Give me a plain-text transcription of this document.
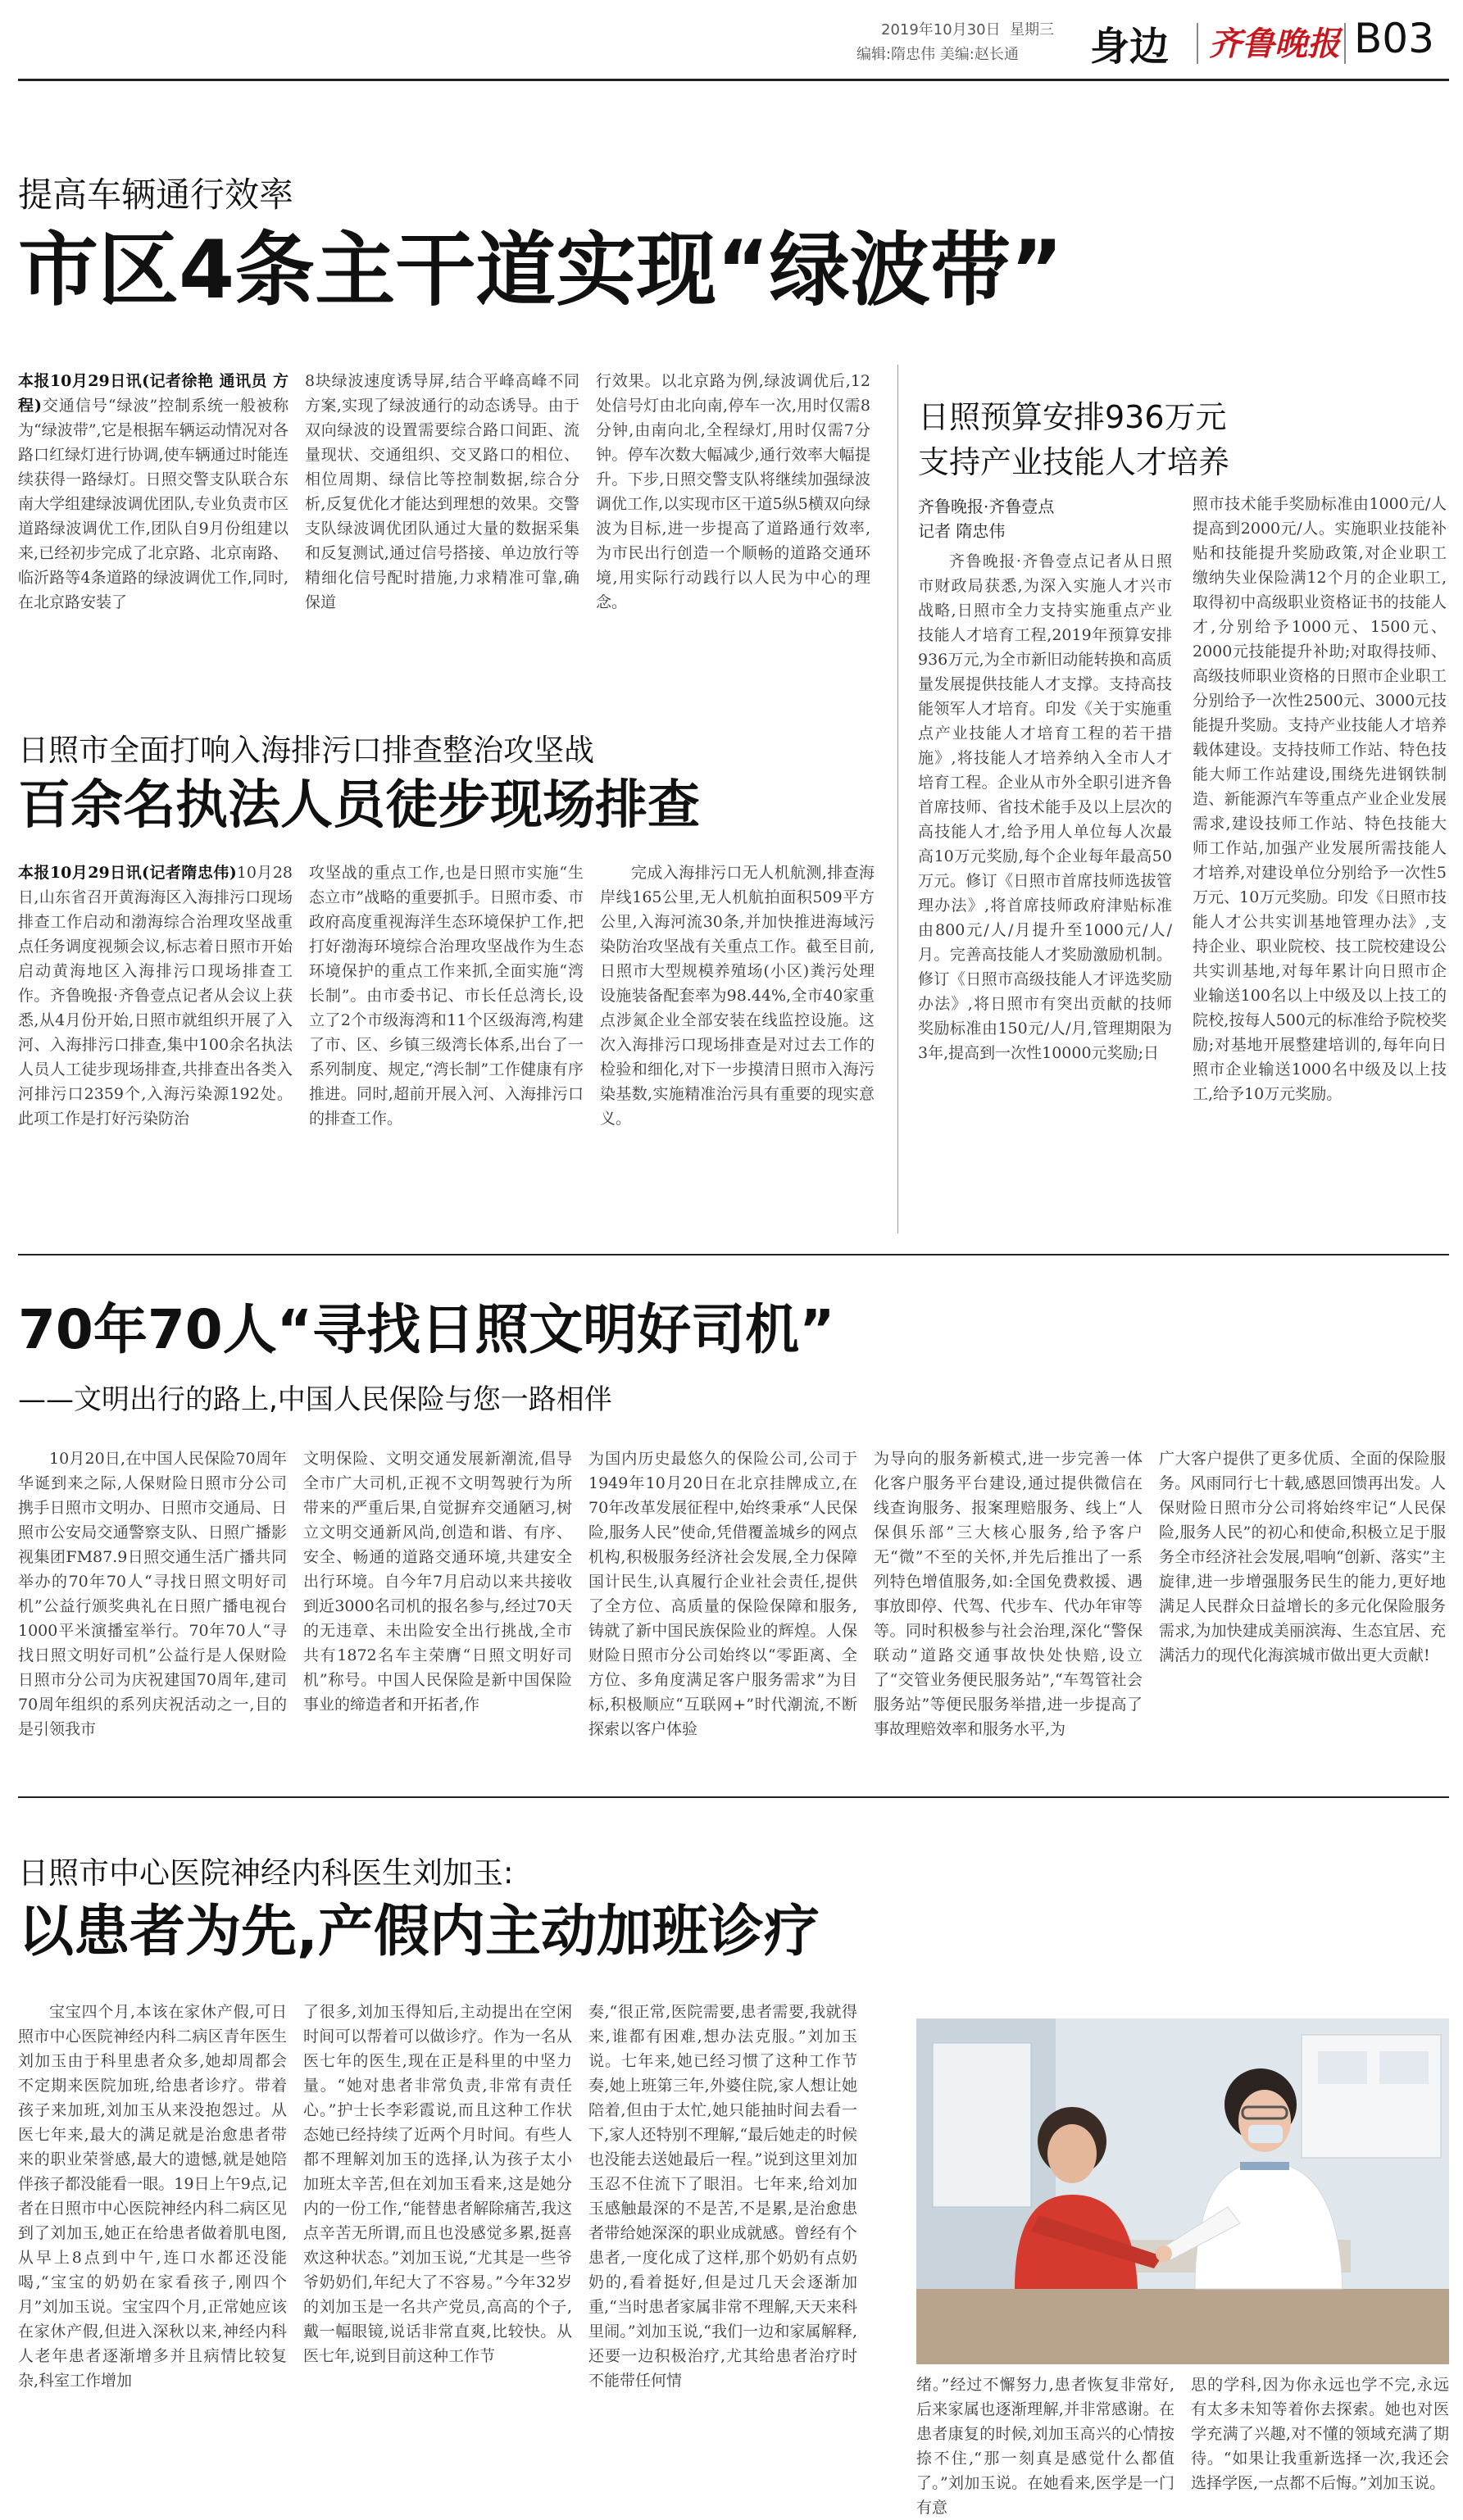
2019年10月30日 星期三
编辑:隋忠伟 美编:赵长通 身边 齐鲁晚报 B03
提高车辆通行效率
市区4条主干道实现“绿波带”
本报10月29日讯(记者徐艳 通讯员 方程)交通信号“绿波”控制系统一般被称为“绿波带”,它是根据车辆运动情况对各路口红绿灯进行协调,使车辆通过时能连续获得一路绿灯。日照交警支队联合东南大学组建绿波调优团队,专业负责市区道路绿波调优工作,团队自9月份组建以来,已经初步完成了北京路、北京南路、临沂路等4条道路的绿波调优工作,同时,在北京路安装了
8块绿波速度诱导屏,结合平峰高峰不同方案,实现了绿波通行的动态诱导。由于双向绿波的设置需要综合路口间距、流量现状、交通组织、交叉路口的相位、相位周期、绿信比等控制数据,综合分析,反复优化才能达到理想的效果。交警支队绿波调优团队通过大量的数据采集和反复测试,通过信号搭接、单边放行等精细化信号配时措施,力求精准可靠,确保道
行效果。以北京路为例,绿波调优后,12处信号灯由北向南,停车一次,用时仅需8分钟,由南向北,全程绿灯,用时仅需7分钟。停车次数大幅减少,通行效率大幅提升。下步,日照交警支队将继续加强绿波调优工作,以实现市区干道5纵5横双向绿波为目标,进一步提高了道路通行效率,为市民出行创造一个顺畅的道路交通环境,用实际行动践行以人民为中心的理念。
日照预算安排936万元
支持产业技能人才培养
齐鲁晚报·齐鲁壹点
记者 隋忠伟
齐鲁晚报·齐鲁壹点记者从日照市财政局获悉,为深入实施人才兴市战略,日照市全力支持实施重点产业技能人才培育工程,2019年预算安排936万元,为全市新旧动能转换和高质量发展提供技能人才支撑。支持高技能领军人才培育。印发《关于实施重点产业技能人才培育工程的若干措施》,将技能人才培养纳入全市人才培育工程。企业从市外全职引进齐鲁首席技师、省技术能手及以上层次的高技能人才,给予用人单位每人次最高10万元奖励,每个企业每年最高50万元。修订《日照市首席技师选拔管理办法》,将首席技师政府津贴标准由800元/人/月提升至1000元/人/月。完善高技能人才奖励激励机制。修订《日照市高级技能人才评选奖励办法》,将日照市有突出贡献的技师奖励标准由150元/人/月,管理期限为3年,提高到一次性10000元奖励;日
照市技术能手奖励标准由1000元/人提高到2000元/人。实施职业技能补贴和技能提升奖励政策,对企业职工缴纳失业保险满12个月的企业职工,取得初中高级职业资格证书的技能人才,分别给予1000元、1500元、2000元技能提升补助;对取得技师、高级技师职业资格的日照市企业职工分别给予一次性2500元、3000元技能提升奖励。支持产业技能人才培养载体建设。支持技师工作站、特色技能大师工作站建设,围绕先进钢铁制造、新能源汽车等重点产业企业发展需求,建设技师工作站、特色技能大师工作站,加强产业发展所需技能人才培养,对建设单位分别给予一次性5万元、10万元奖励。印发《日照市技能人才公共实训基地管理办法》,支持企业、职业院校、技工院校建设公共实训基地,对每年累计向日照市企业输送100名以上中级及以上技工的院校,按每人500元的标准给予院校奖励;对基地开展整建培训的,每年向日照市企业输送1000名中级及以上技工,给予10万元奖励。
日照市全面打响入海排污口排查整治攻坚战
百余名执法人员徒步现场排查
本报10月29日讯(记者隋忠伟)10月28日,山东省召开黄海海区入海排污口现场排查工作启动和渤海综合治理攻坚战重点任务调度视频会议,标志着日照市开始启动黄海地区入海排污口现场排查工作。齐鲁晚报·齐鲁壹点记者从会议上获悉,从4月份开始,日照市就组织开展了入河、入海排污口排查,集中100余名执法人员人工徒步现场排查,共排查出各类入河排污口2359个,入海污染源192处。此项工作是打好污染防治
攻坚战的重点工作,也是日照市实施“生态立市”战略的重要抓手。日照市委、市政府高度重视海洋生态环境保护工作,把打好渤海环境综合治理攻坚战作为生态环境保护的重点工作来抓,全面实施“湾长制”。由市委书记、市长任总湾长,设立了2个市级海湾和11个区级海湾,构建了市、区、乡镇三级湾长体系,出台了一系列制度、规定,“湾长制”工作健康有序推进。同时,超前开展入河、入海排污口的排查工作。
完成入海排污口无人机航测,排查海岸线165公里,无人机航拍面积509平方公里,入海河流30条,并加快推进海域污染防治攻坚战有关重点工作。截至目前,日照市大型规模养殖场(小区)粪污处理设施装备配套率为98.44%,全市40家重点涉氮企业全部安装在线监控设施。这次入海排污口现场排查是对过去工作的检验和细化,对下一步摸清日照市入海污染基数,实施精准治污具有重要的现实意义。
70年70人“寻找日照文明好司机”
——文明出行的路上,中国人民保险与您一路相伴
10月20日,在中国人民保险70周年华诞到来之际,人保财险日照市分公司携手日照市文明办、日照市交通局、日照市公安局交通警察支队、日照广播影视集团FM87.9日照交通生活广播共同举办的70年70人“寻找日照文明好司机”公益行颁奖典礼在日照广播电视台1000平米演播室举行。70年70人“寻找日照文明好司机”公益行是人保财险日照市分公司为庆祝建国70周年,建司70周年组织的系列庆祝活动之一,目的是引领我市
文明保险、文明交通发展新潮流,倡导全市广大司机,正视不文明驾驶行为所带来的严重后果,自觉摒弃交通陋习,树立文明交通新风尚,创造和谐、有序、安全、畅通的道路交通环境,共建安全出行环境。自今年7月启动以来共接收到近3000名司机的报名参与,经过70天的无违章、未出险安全出行挑战,全市共有1872名车主荣膺“日照文明好司机”称号。中国人民保险是新中国保险事业的缔造者和开拓者,作
为国内历史最悠久的保险公司,公司于1949年10月20日在北京挂牌成立,在70年改革发展征程中,始终秉承“人民保险,服务人民”使命,凭借覆盖城乡的网点机构,积极服务经济社会发展,全力保障国计民生,认真履行企业社会责任,提供了全方位、高质量的保险保障和服务,铸就了新中国民族保险业的辉煌。人保财险日照市分公司始终以“零距离、全方位、多角度满足客户服务需求”为目标,积极顺应“互联网+”时代潮流,不断探索以客户体验
为导向的服务新模式,进一步完善一体化客户服务平台建设,通过提供微信在线查询服务、报案理赔服务、线上“人保俱乐部”三大核心服务,给予客户无“微”不至的关怀,并先后推出了一系列特色增值服务,如:全国免费救援、遇事放即停、代驾、代步车、代办年审等等。同时积极参与社会治理,深化“警保联动”道路交通事故快处快赔,设立了“交管业务便民服务站”,“车驾管社会服务站”等便民服务举措,进一步提高了事故理赔效率和服务水平,为
广大客户提供了更多优质、全面的保险服务。风雨同行七十载,感恩回馈再出发。人保财险日照市分公司将始终牢记“人民保险,服务人民”的初心和使命,积极立足于服务全市经济社会发展,唱响“创新、落实”主旋律,进一步增强服务民生的能力,更好地满足人民群众日益增长的多元化保险服务需求,为加快建成美丽滨海、生态宜居、充满活力的现代化海滨城市做出更大贡献!
日照市中心医院神经内科医生刘加玉:
以患者为先,产假内主动加班诊疗
宝宝四个月,本该在家休产假,可日照市中心医院神经内科二病区青年医生刘加玉由于科里患者众多,她却周都会不定期来医院加班,给患者诊疗。带着孩子来加班,刘加玉从来没抱怨过。从医七年来,最大的满足就是治愈患者带来的职业荣誉感,最大的遗憾,就是她陪伴孩子都没能看一眼。19日上午9点,记者在日照市中心医院神经内科二病区见到了刘加玉,她正在给患者做着肌电图,从早上8点到中午,连口水都还没能喝,“宝宝的奶奶在家看孩子,刚四个月”刘加玉说。宝宝四个月,正常她应该在家休产假,但进入深秋以来,神经内科人老年患者逐渐增多并且病情比较复杂,科室工作增加
了很多,刘加玉得知后,主动提出在空闲时间可以帮着可以做诊疗。作为一名从医七年的医生,现在正是科里的中坚力量。“她对患者非常负责,非常有责任心。”护士长李彩霞说,而且这种工作状态她已经持续了近两个月时间。有些人都不理解刘加玉的选择,认为孩子太小加班太辛苦,但在刘加玉看来,这是她分内的一份工作,“能替患者解除痛苦,我这点辛苦无所谓,而且也没感觉多累,挺喜欢这种状态。”刘加玉说,“尤其是一些爷爷奶奶们,年纪大了不容易。”今年32岁的刘加玉是一名共产党员,高高的个子,戴一幅眼镜,说话非常直爽,比较快。从医七年,说到目前这种工作节
奏,“很正常,医院需要,患者需要,我就得来,谁都有困难,想办法克服。”刘加玉说。七年来,她已经习惯了这种工作节奏,她上班第三年,外婆住院,家人想让她陪着,但由于太忙,她只能抽时间去看一下,家人还特别不理解,“最后她走的时候也没能去送她最后一程。”说到这里刘加玉忍不住流下了眼泪。七年来,给刘加玉感触最深的不是苦,不是累,是治愈患者带给她深深的职业成就感。曾经有个患者,一度化成了这样,那个奶奶有点奶奶的,看着挺好,但是过几天会逐渐加重,“当时患者家属非常不理解,天天来科里闹。”刘加玉说,“我们一边和家属解释,还要一边积极治疗,尤其给患者治疗时不能带任何情	绪。”经过不懈努力,患者恢复非常好,后来家属也逐渐理解,并非常感谢。在患者康复的时候,刘加玉高兴的心情按捺不住,“那一刻真是感觉什么都值了。”刘加玉说。在她看来,医学是一门有意
思的学科,因为你永远也学不完,永远有太多未知等着你去探索。她也对医学充满了兴趣,对不懂的领域充满了期待。“如果让我重新选择一次,我还会选择学医,一点都不后悔。”刘加玉说。
